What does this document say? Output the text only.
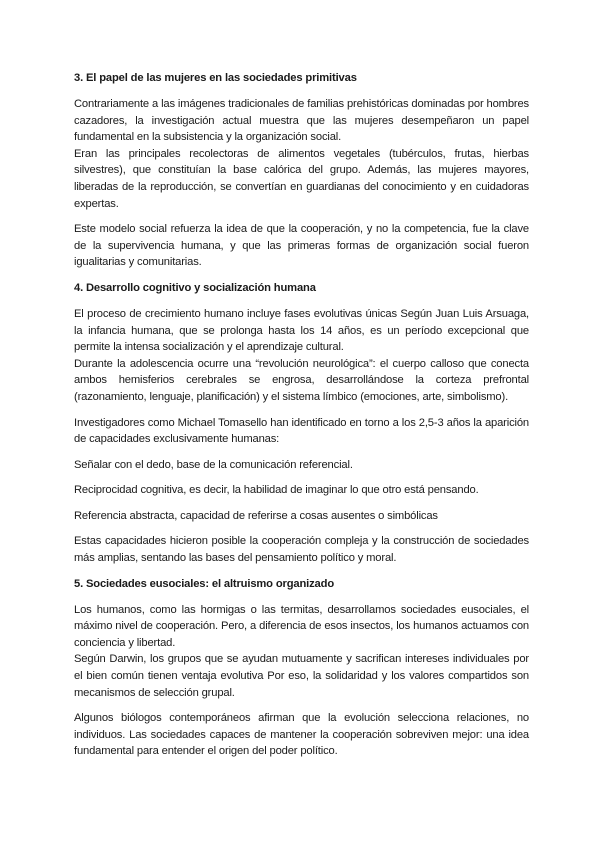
3. El papel de las mujeres en las sociedades primitivas

Contrariamente a las imágenes tradicionales de familias prehistóricas dominadas por hombres cazadores, la investigación actual muestra que las mujeres desempeñaron un papel fundamental en la subsistencia y la organización social.

Eran las principales recolectoras de alimentos vegetales (tubérculos, frutas, hierbas silvestres), que constituían la base calórica del grupo. Además, las mujeres mayores, liberadas de la reproducción, se convertían en guardianas del conocimiento y en cuidadoras expertas.

Este modelo social refuerza la idea de que la cooperación, y no la competencia, fue la clave de la supervivencia humana, y que las primeras formas de organización social fueron igualitarias y comunitarias.

4. Desarrollo cognitivo y socialización humana

El proceso de crecimiento humano incluye fases evolutivas únicas Según Juan Luis Arsuaga, la infancia humana, que se prolonga hasta los 14 años, es un período excepcional que permite la intensa socialización y el aprendizaje cultural.

Durante la adolescencia ocurre una “revolución neurológica”: el cuerpo calloso que conecta ambos hemisferios cerebrales se engrosa, desarrollándose la corteza prefrontal (razonamiento, lenguaje, planificación) y el sistema límbico (emociones, arte, simbolismo).

Investigadores como Michael Tomasello han identificado en torno a los 2,5-3 años la aparición de capacidades exclusivamente humanas:

Señalar con el dedo, base de la comunicación referencial.

Reciprocidad cognitiva, es decir, la habilidad de imaginar lo que otro está pensando.

Referencia abstracta, capacidad de referirse a cosas ausentes o simbólicas

Estas capacidades hicieron posible la cooperación compleja y la construcción de sociedades más amplias, sentando las bases del pensamiento político y moral.

5. Sociedades eusociales: el altruismo organizado

Los humanos, como las hormigas o las termitas, desarrollamos sociedades eusociales, el máximo nivel de cooperación. Pero, a diferencia de esos insectos, los humanos actuamos con conciencia y libertad.

Según Darwin, los grupos que se ayudan mutuamente y sacrifican intereses individuales por el bien común tienen ventaja evolutiva Por eso, la solidaridad y los valores compartidos son mecanismos de selección grupal.

Algunos biólogos contemporáneos afirman que la evolución selecciona relaciones, no individuos. Las sociedades capaces de mantener la cooperación sobreviven mejor: una idea fundamental para entender el origen del poder político.
